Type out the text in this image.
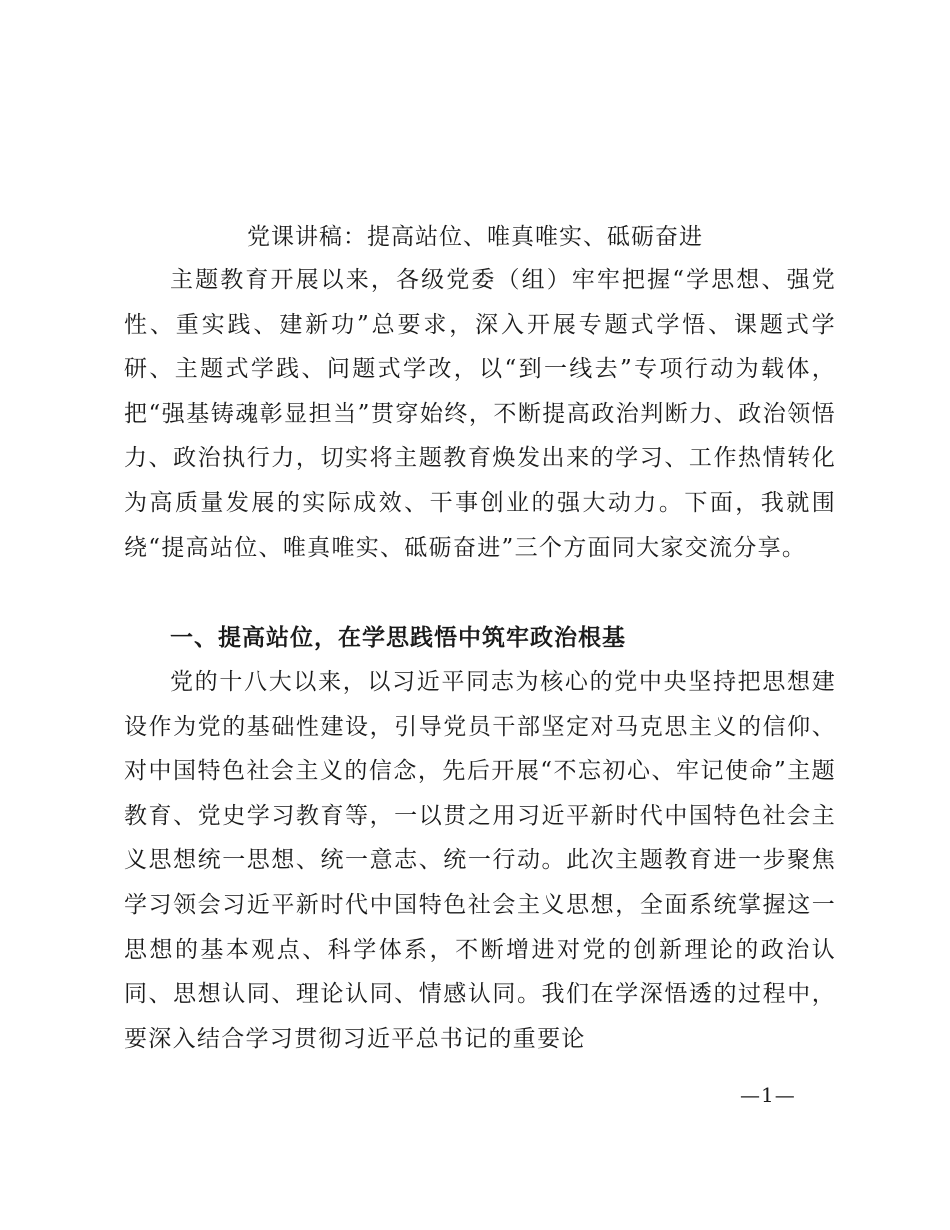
党课讲稿：提高站位、唯真唯实、砥砺奋进

主题教育开展以来，各级党委（组）牢牢把握“学思想、强党性、重实践、建新功”总要求，深入开展专题式学悟、课题式学研、主题式学践、问题式学改，以“到一线去”专项行动为载体，把“强基铸魂彰显担当”贯穿始终，不断提高政治判断力、政治领悟力、政治执行力，切实将主题教育焕发出来的学习、工作热情转化为高质量发展的实际成效、干事创业的强大动力。下面，我就围绕“提高站位、唯真唯实、砥砺奋进”三个方面同大家交流分享。

一、提高站位，在学思践悟中筑牢政治根基

党的十八大以来，以习近平同志为核心的党中央坚持把思想建设作为党的基础性建设，引导党员干部坚定对马克思主义的信仰、对中国特色社会主义的信念，先后开展“不忘初心、牢记使命”主题教育、党史学习教育等，一以贯之用习近平新时代中国特色社会主义思想统一思想、统一意志、统一行动。此次主题教育进一步聚焦学习领会习近平新时代中国特色社会主义思想，全面系统掌握这一思想的基本观点、科学体系，不断增进对党的创新理论的政治认同、思想认同、理论认同、情感认同。我们在学深悟透的过程中，要深入结合学习贯彻习近平总书记的重要论

—1—
